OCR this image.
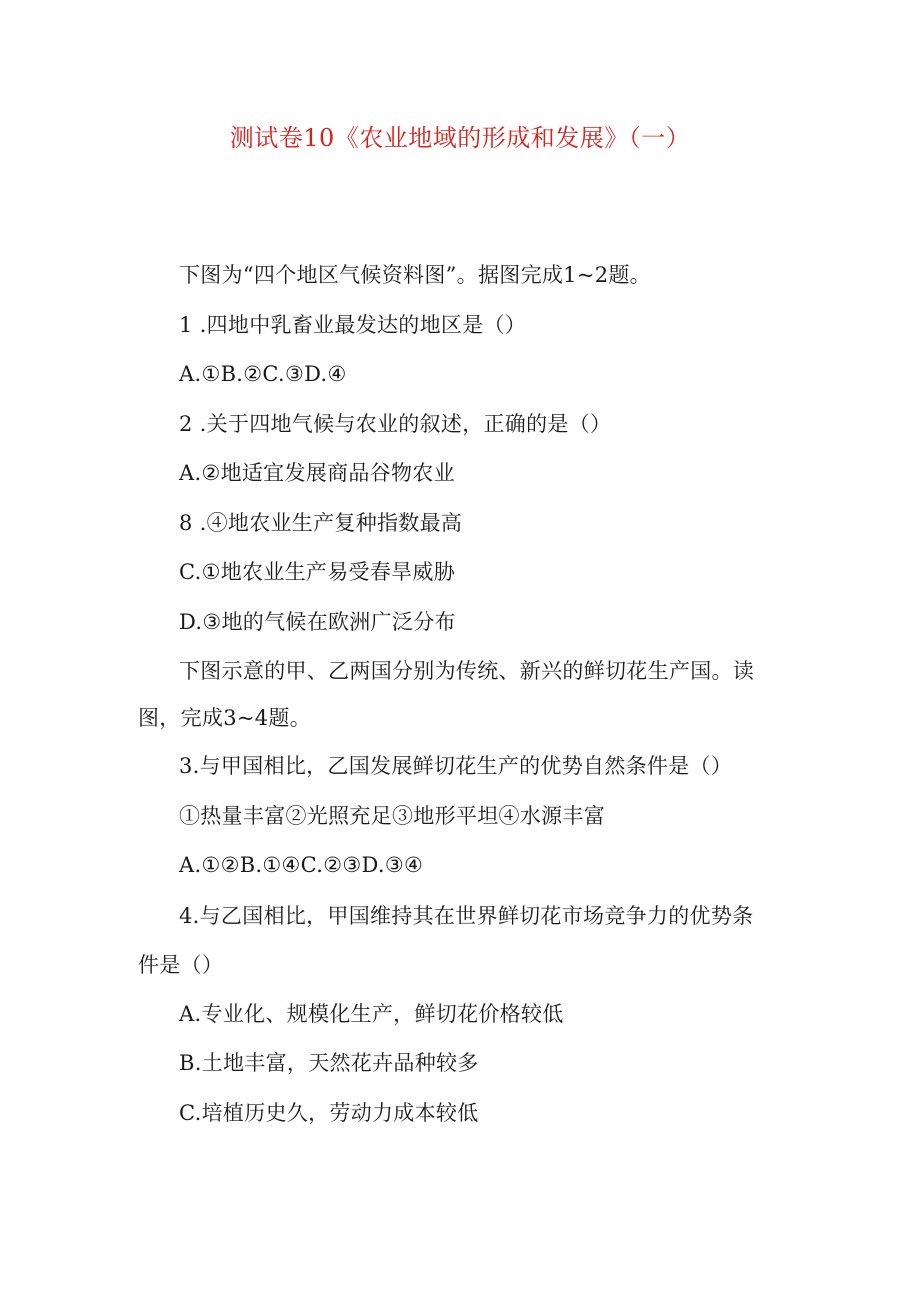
测试卷10《农业地域的形成和发展》（一）
下图为“四个地区气候资料图”。据图完成1~2题。
1 .四地中乳畜业最发达的地区是（）
A.①B.②C.③D.④
2 .关于四地气候与农业的叙述，正确的是（）
A.②地适宜发展商品谷物农业
8 .④地农业生产复种指数最高
C.①地农业生产易受春旱威胁
D.③地的气候在欧洲广泛分布
下图示意的甲、乙两国分别为传统、新兴的鲜切花生产国。读
图，完成3~4题。
3.与甲国相比，乙国发展鲜切花生产的优势自然条件是（）
①热量丰富②光照充足③地形平坦④水源丰富
A.①②B.①④C.②③D.③④
4.与乙国相比，甲国维持其在世界鲜切花市场竞争力的优势条
件是（）
A.专业化、规模化生产，鲜切花价格较低
B.土地丰富，天然花卉品种较多
C.培植历史久，劳动力成本较低
